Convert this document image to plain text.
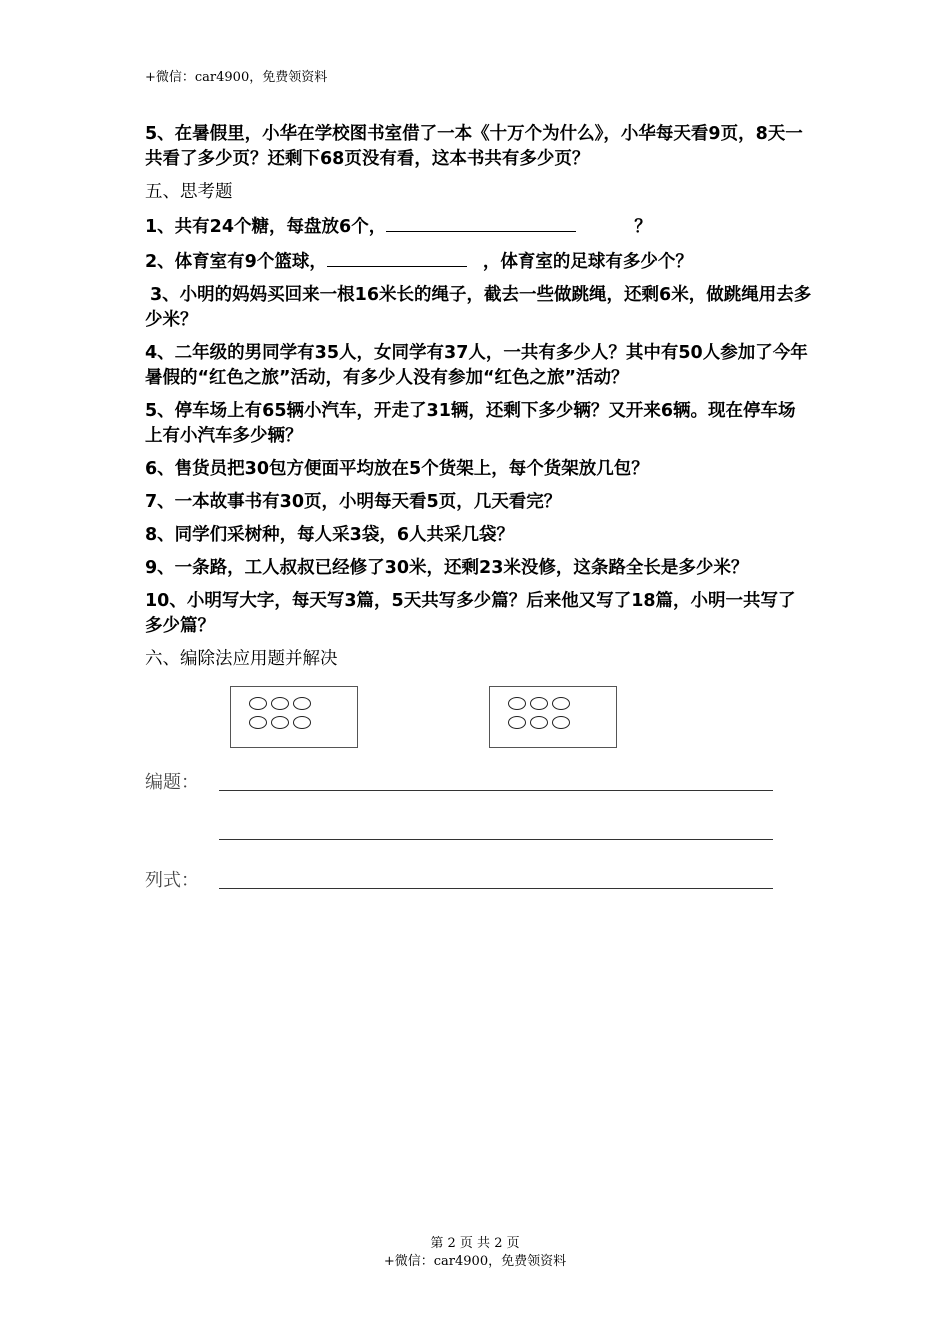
+微信：car4900，免费领资料

5、在暑假里，小华在学校图书室借了一本《十万个为什么》，小华每天看9页，8天一共看了多少页？还剩下68页没有看，这本书共有多少页？

五、思考题

1、共有24个糖，每盘放6个，	？

2、体育室有9个篮球，	，体育室的足球有多少个？

3、小明的妈妈买回来一根16米长的绳子，截去一些做跳绳，还剩6米，做跳绳用去多少米？

4、二年级的男同学有35人，女同学有37人，一共有多少人？其中有50人参加了今年暑假的“红色之旅”活动，有多少人没有参加“红色之旅”活动？

5、停车场上有65辆小汽车，开走了31辆，还剩下多少辆？又开来6辆。现在停车场上有小汽车多少辆？

6、售货员把30包方便面平均放在5个货架上，每个货架放几包？

7、一本故事书有30页，小明每天看5页，几天看完？

8、同学们采树种，每人采3袋，6人共采几袋？

9、一条路，工人叔叔已经修了30米，还剩23米没修，这条路全长是多少米？

10、小明写大字，每天写3篇，5天共写多少篇？后来他又写了18篇，小明一共写了多少篇？

六、编除法应用题并解决

编题：
列式：
第 2 页 共 2 页
+微信：car4900，免费领资料
